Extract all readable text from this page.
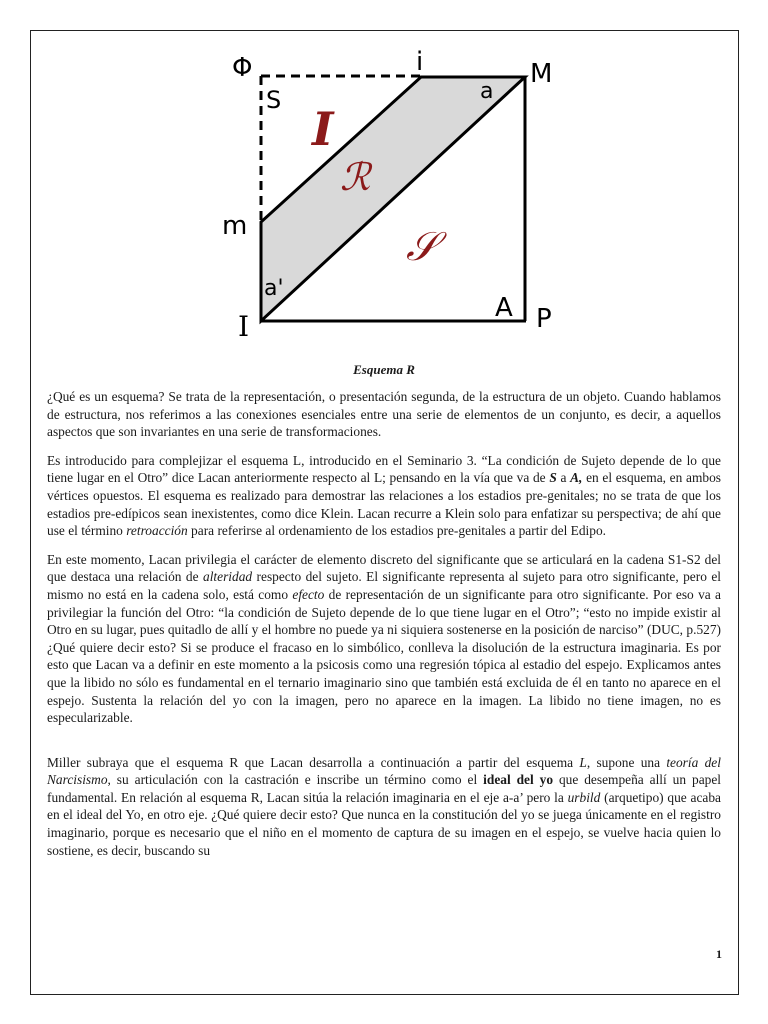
Φ	i	M
S	a
m
a'
I
A P
I
ℛ
𝒮
Esquema R

¿Qué es un esquema? Se trata de la representación, o presentación segunda, de la estructura de un objeto. Cuando hablamos de estructura, nos referimos a las conexiones esenciales entre una serie de elementos de un conjunto, es decir, a aquellos aspectos que son invariantes en una serie de transformaciones.

Es introducido para complejizar el esquema L, introducido en el Seminario 3. “La condición de Sujeto depende de lo que tiene lugar en el Otro” dice Lacan anteriormente respecto al L; pensando en la vía que va de S a A, en el esquema, en ambos vértices opuestos. El esquema es realizado para demostrar las relaciones a los estadios pre-genitales; no se trata de que los estadios pre-edípicos sean inexistentes, como dice Klein. Lacan recurre a Klein solo para enfatizar su perspectiva; de ahí que use el término retroacción para referirse al ordenamiento de los estadios pre-genitales a partir del Edipo.

En este momento, Lacan privilegia el carácter de elemento discreto del significante que se articulará en la cadena S1-S2 del que destaca una relación de alteridad respecto del sujeto. El significante representa al sujeto para otro significante, pero el mismo no está en la cadena solo, está como efecto de representación de un significante para otro significante. Por eso va a privilegiar la función del Otro: “la condición de Sujeto depende de lo que tiene lugar en el Otro”; “esto no impide existir al Otro en su lugar, pues quitadlo de allí y el hombre no puede ya ni siquiera sostenerse en la posición de narciso” (DUC, p.527) ¿Qué quiere decir esto? Si se produce el fracaso en lo simbólico, conlleva la disolución de la estructura imaginaria. Es por esto que Lacan va a definir en este momento a la psicosis como una regresión tópica al estadio del espejo. Explicamos antes que la libido no sólo es fundamental en el ternario imaginario sino que también está excluida de él en tanto no aparece en el espejo. Sustenta la relación del yo con la imagen, pero no aparece en la imagen. La libido no tiene imagen, no es especularizable.

Miller subraya que el esquema R que Lacan desarrolla a continuación a partir del esquema L, supone una teoría del Narcisismo, su articulación con la castración e inscribe un término como el ideal del yo que desempeña allí un papel fundamental. En relación al esquema R, Lacan sitúa la relación imaginaria en el eje a-a’ pero la urbild (arquetipo) que acaba en el ideal del Yo, en otro eje. ¿Qué quiere decir esto? Que nunca en la constitución del yo se juega únicamente en el registro imaginario, porque es necesario que el niño en el momento de captura de su imagen en el espejo, se vuelve hacia quien lo sostiene, es decir, buscando su

1
